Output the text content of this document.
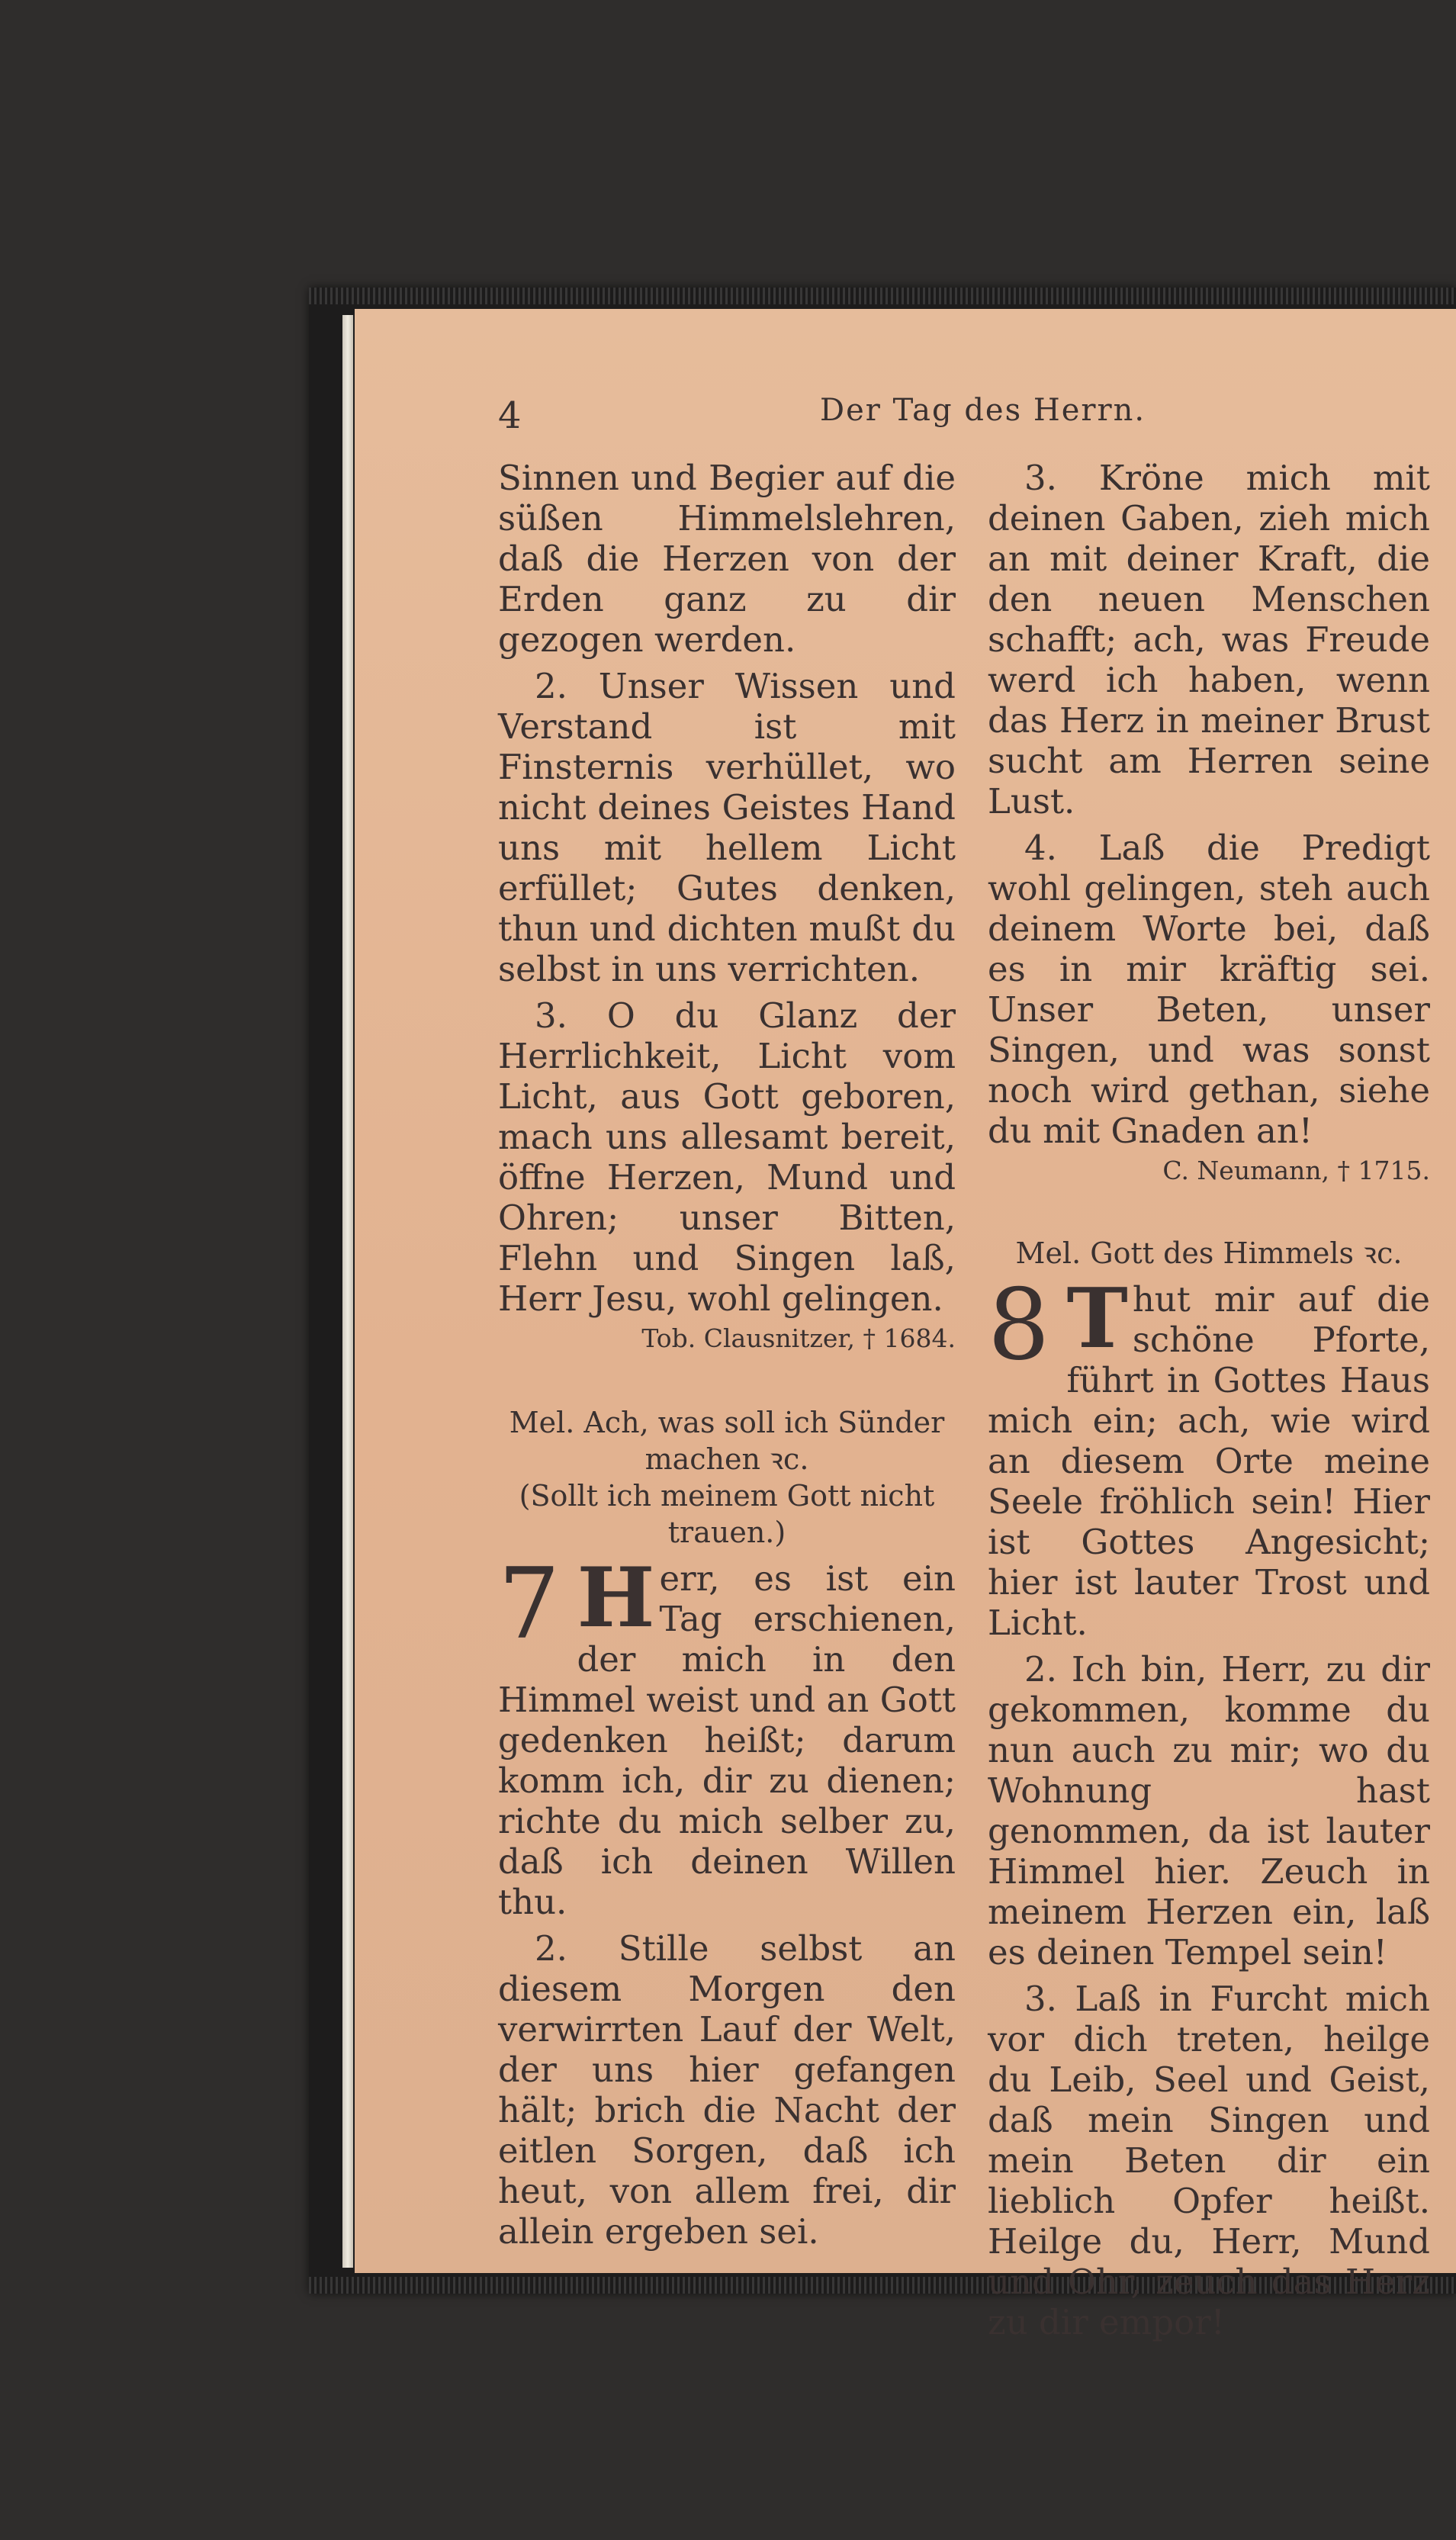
4	Der Tag des Herrn.

Sinnen und Begier auf die süßen Himmelslehren, daß die Herzen von der Erden ganz zu dir gezogen werden.

2. Unser Wissen und Verstand ist mit Finsternis verhüllet, wo nicht deines Geistes Hand uns mit hellem Licht erfüllet; Gutes denken, thun und dichten mußt du selbst in uns verrichten.

3. O du Glanz der Herrlichkeit, Licht vom Licht, aus Gott geboren, mach uns allesamt bereit, öffne Herzen, Mund und Ohren; unser Bitten, Flehn und Singen laß, Herr Jesu, wohl gelingen.

Tob. Clausnitzer, † 1684.

Mel. Ach, was soll ich Sünder machen ꝛc.

(Sollt ich meinem Gott nicht trauen.)

7 H err, es ist ein Tag erschienen, der mich in den Himmel weist und an Gott gedenken heißt; darum komm ich, dir zu dienen; richte du mich selber zu, daß ich deinen Willen thu.

2. Stille selbst an diesem Morgen den verwirrten Lauf der Welt, der uns hier gefangen hält; brich die Nacht der eitlen Sorgen, daß ich heut, von allem frei, dir allein ergeben sei.

3. Kröne mich mit deinen Gaben, zieh mich an mit deiner Kraft, die den neuen Menschen schafft; ach, was Freude werd ich haben, wenn das Herz in meiner Brust sucht am Herren seine Lust.

4. Laß die Predigt wohl gelingen, steh auch deinem Worte bei, daß es in mir kräftig sei. Unser Beten, unser Singen, und was sonst noch wird gethan, siehe du mit Gnaden an!

C. Neumann, † 1715.

Mel. Gott des Himmels ꝛc.

8 T hut mir auf die schöne Pforte, führt in Gottes Haus mich ein; ach, wie wird an diesem Orte meine Seele fröhlich sein! Hier ist Gottes Angesicht; hier ist lauter Trost und Licht.

2. Ich bin, Herr, zu dir gekommen, komme du nun auch zu mir; wo du Wohnung hast genommen, da ist lauter Himmel hier. Zeuch in meinem Herzen ein, laß es deinen Tempel sein!

3. Laß in Furcht mich vor dich treten, heilge du Leib, Seel und Geist, daß mein Singen und mein Beten dir ein lieblich Opfer heißt. Heilge du, Herr, Mund und Ohr, zeuch das Herz zu dir empor!
